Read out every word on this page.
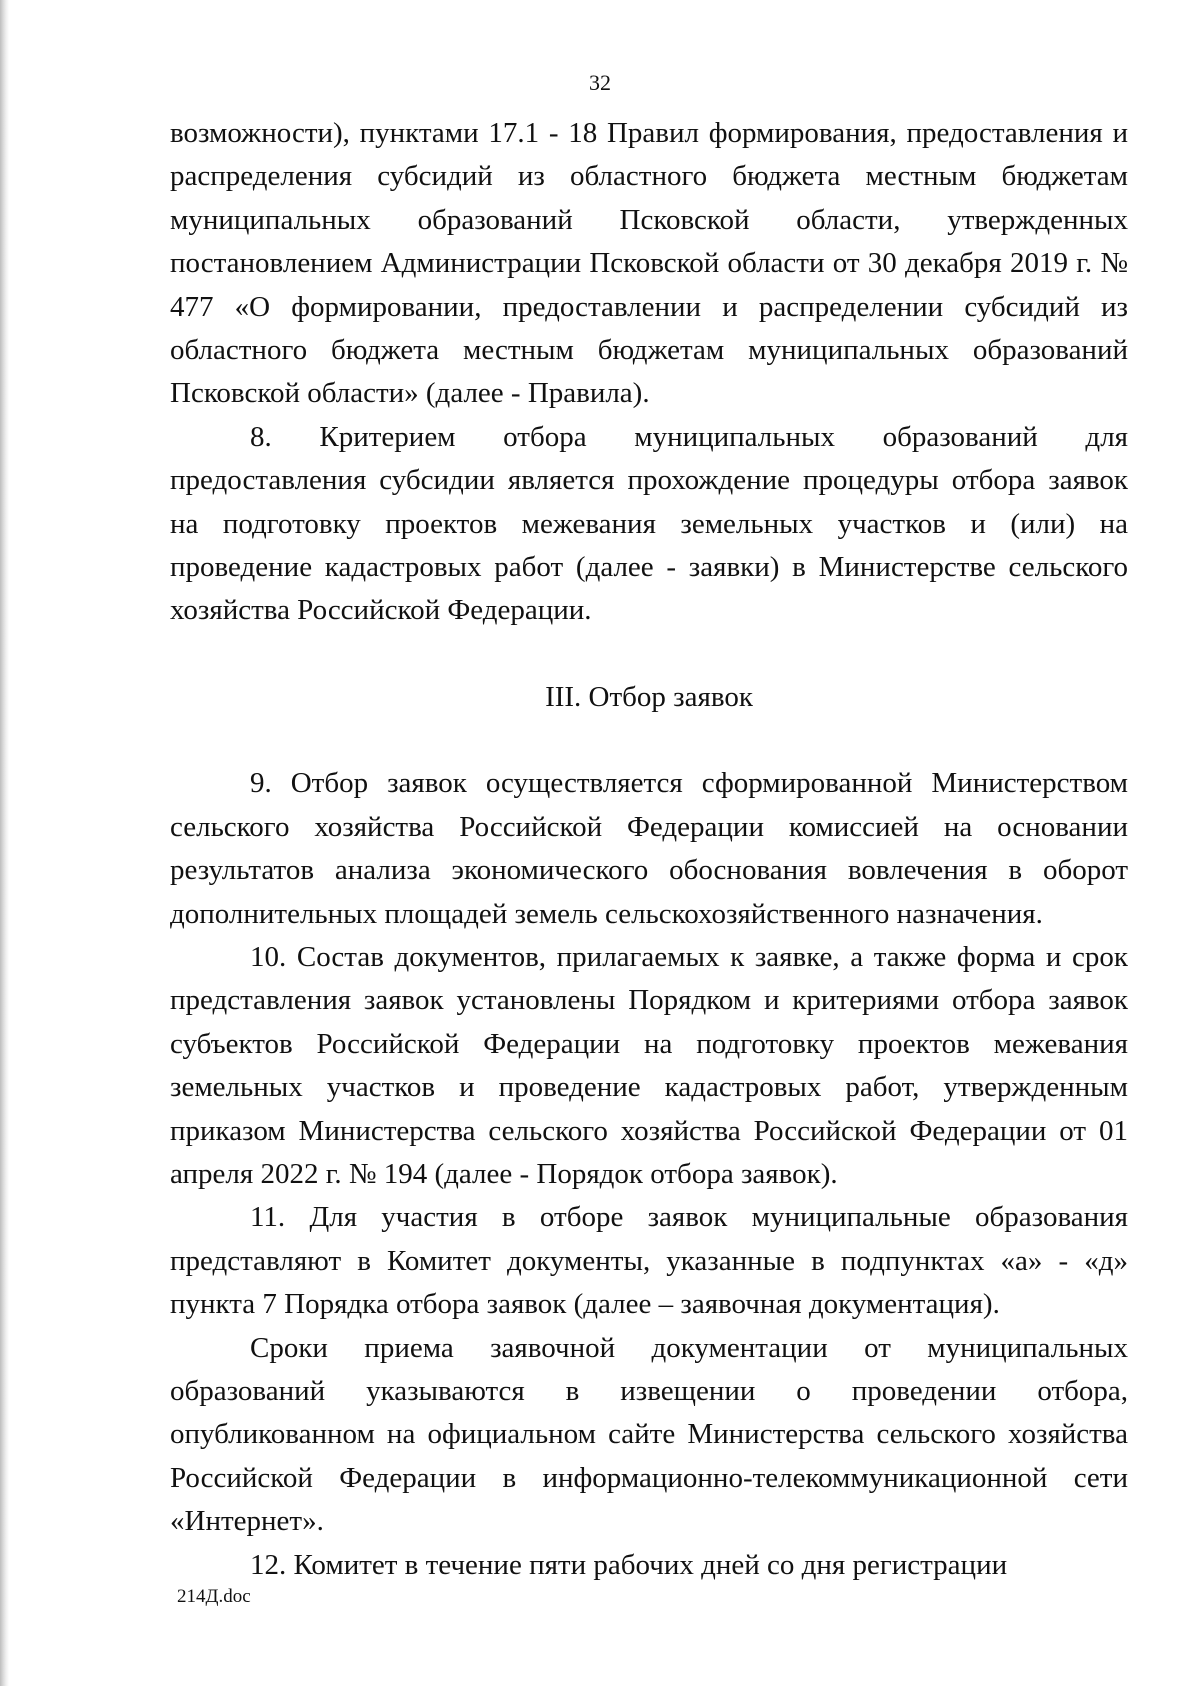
32

возможности), пунктами 17.1 - 18 Правил формирования, предоставления и распределения субсидий из областного бюджета местным бюджетам муниципальных образований Псковской области, утвержденных постановлением Администрации Псковской области от 30 декабря 2019 г. № 477 «О формировании, предоставлении и распределении субсидий из областного бюджета местным бюджетам муниципальных образований Псковской области» (далее - Правила).

8. Критерием отбора муниципальных образований для предоставления субсидии является прохождение процедуры отбора заявок на подготовку проектов межевания земельных участков и (или) на проведение кадастровых работ (далее - заявки) в Министерстве сельского хозяйства Российской Федерации.

III. Отбор заявок

9. Отбор заявок осуществляется сформированной Министерством сельского хозяйства Российской Федерации комиссией на основании результатов анализа экономического обоснования вовлечения в оборот дополнительных площадей земель сельскохозяйственного назначения.

10. Состав документов, прилагаемых к заявке, а также форма и срок представления заявок установлены Порядком и критериями отбора заявок субъектов Российской Федерации на подготовку проектов межевания земельных участков и проведение кадастровых работ, утвержденным приказом Министерства сельского хозяйства Российской Федерации от 01 апреля 2022 г. № 194 (далее - Порядок отбора заявок).

11. Для участия в отборе заявок муниципальные образования представляют в Комитет документы, указанные в подпунктах «а» - «д» пункта 7 Порядка отбора заявок (далее – заявочная документация).

Сроки приема заявочной документации от муниципальных образований указываются в извещении о проведении отбора, опубликованном на официальном сайте Министерства сельского хозяйства Российской Федерации в информационно-телекоммуникационной сети «Интернет».

12. Комитет в течение пяти рабочих дней со дня регистрации

214Д.doc
